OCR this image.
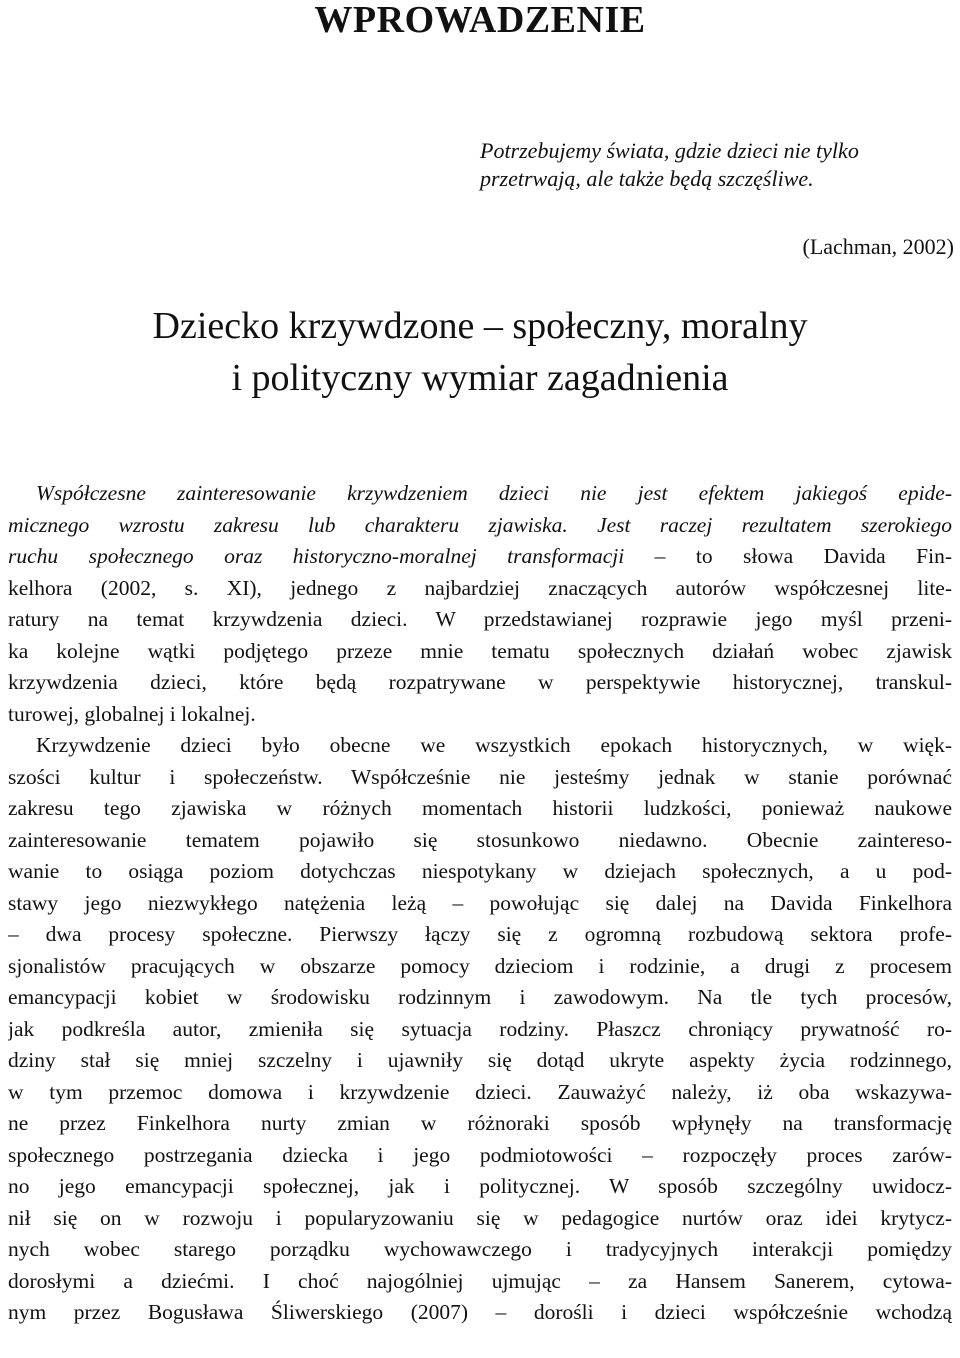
WPROWADZENIE
Potrzebujemy świata, gdzie dzieci nie tylko
przetrwają, ale także będą szczęśliwe.
(Lachman, 2002)
Dziecko krzywdzone – społeczny, moralny
i polityczny wymiar zagadnienia
Współczesne zainteresowanie krzywdzeniem dzieci nie jest efektem jakiegoś epide-
micznego wzrostu zakresu lub charakteru zjawiska. Jest raczej rezultatem szerokiego
ruchu społecznego oraz historyczno-moralnej transformacji – to słowa Davida Fin-
kelhora (2002, s. XI), jednego z najbardziej znaczących autorów współczesnej lite-
ratury na temat krzywdzenia dzieci. W przedstawianej rozprawie jego myśl przeni-
ka kolejne wątki podjętego przeze mnie tematu społecznych działań wobec zjawisk
krzywdzenia dzieci, które będą rozpatrywane w perspektywie historycznej, transkul-
turowej, globalnej i lokalnej.
Krzywdzenie dzieci było obecne we wszystkich epokach historycznych, w więk-
szości kultur i społeczeństw. Współcześnie nie jesteśmy jednak w stanie porównać
zakresu tego zjawiska w różnych momentach historii ludzkości, ponieważ naukowe
zainteresowanie tematem pojawiło się stosunkowo niedawno. Obecnie zaintereso-
wanie to osiąga poziom dotychczas niespotykany w dziejach społecznych, a u pod-
stawy jego niezwykłego natężenia leżą – powołując się dalej na Davida Finkelhora
– dwa procesy społeczne. Pierwszy łączy się z ogromną rozbudową sektora profe-
sjonalistów pracujących w obszarze pomocy dzieciom i rodzinie, a drugi z procesem
emancypacji kobiet w środowisku rodzinnym i zawodowym. Na tle tych procesów,
jak podkreśla autor, zmieniła się sytuacja rodziny. Płaszcz chroniący prywatność ro-
dziny stał się mniej szczelny i ujawniły się dotąd ukryte aspekty życia rodzinnego,
w tym przemoc domowa i krzywdzenie dzieci. Zauważyć należy, iż oba wskazywa-
ne przez Finkelhora nurty zmian w różnoraki sposób wpłynęły na transformację
społecznego postrzegania dziecka i jego podmiotowości – rozpoczęły proces zarów-
no jego emancypacji społecznej, jak i politycznej. W sposób szczególny uwidocz-
nił się on w rozwoju i popularyzowaniu się w pedagogice nurtów oraz idei krytycz-
nych wobec starego porządku wychowawczego i tradycyjnych interakcji pomiędzy
dorosłymi a dziećmi. I choć najogólniej ujmując – za Hansem Sanerem, cytowa-
nym przez Bogusława Śliwerskiego (2007) – dorośli i dzieci współcześnie wchodzą
